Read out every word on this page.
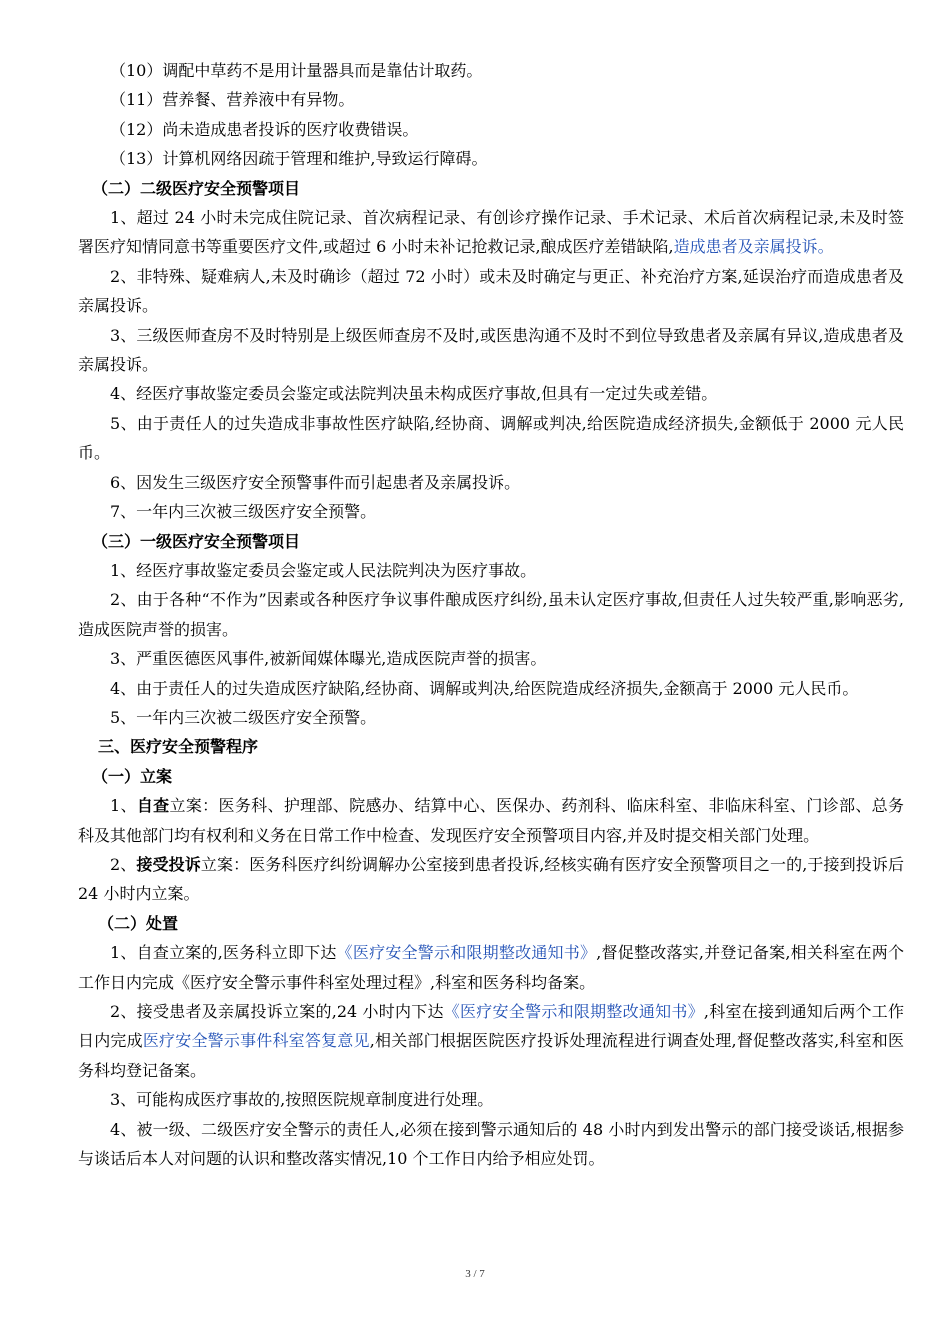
（10）调配中草药不是用计量器具而是靠估计取药。

（11）营养餐、营养液中有异物。

（12）尚未造成患者投诉的医疗收费错误。

（13）计算机网络因疏于管理和维护,导致运行障碍。

（二）二级医疗安全预警项目

1、超过 24 小时未完成住院记录、首次病程记录、有创诊疗操作记录、手术记录、术后首次病程记录,未及时签署医疗知情同意书等重要医疗文件,或超过 6 小时未补记抢救记录,酿成医疗差错缺陷,造成患者及亲属投诉。

2、非特殊、疑难病人,未及时确诊（超过 72 小时）或未及时确定与更正、补充治疗方案,延误治疗而造成患者及亲属投诉。

3、三级医师查房不及时特别是上级医师查房不及时,或医患沟通不及时不到位导致患者及亲属有异议,造成患者及亲属投诉。

4、经医疗事故鉴定委员会鉴定或法院判决虽未构成医疗事故,但具有一定过失或差错。

5、由于责任人的过失造成非事故性医疗缺陷,经协商、调解或判决,给医院造成经济损失,金额低于 2000 元人民币。

6、因发生三级医疗安全预警事件而引起患者及亲属投诉。

7、一年内三次被三级医疗安全预警。

（三）一级医疗安全预警项目

1、经医疗事故鉴定委员会鉴定或人民法院判决为医疗事故。

2、由于各种“不作为”因素或各种医疗争议事件酿成医疗纠纷,虽未认定医疗事故,但责任人过失较严重,影响恶劣,造成医院声誉的损害。

3、严重医德医风事件,被新闻媒体曝光,造成医院声誉的损害。

4、由于责任人的过失造成医疗缺陷,经协商、调解或判决,给医院造成经济损失,金额高于 2000 元人民币。

5、一年内三次被二级医疗安全预警。

三、医疗安全预警程序

（一）立案

1、自查立案：医务科、护理部、院感办、结算中心、医保办、药剂科、临床科室、非临床科室、门诊部、总务科及其他部门均有权利和义务在日常工作中检查、发现医疗安全预警项目内容,并及时提交相关部门处理。

2、接受投诉立案：医务科医疗纠纷调解办公室接到患者投诉,经核实确有医疗安全预警项目之一的,于接到投诉后 24 小时内立案。

（二）处置

1、自查立案的,医务科立即下达《医疗安全警示和限期整改通知书》,督促整改落实,并登记备案,相关科室在两个工作日内完成《医疗安全警示事件科室处理过程》,科室和医务科均备案。

2、接受患者及亲属投诉立案的,24 小时内下达《医疗安全警示和限期整改通知书》,科室在接到通知后两个工作日内完成医疗安全警示事件科室答复意见,相关部门根据医院医疗投诉处理流程进行调查处理,督促整改落实,科室和医务科均登记备案。

3、可能构成医疗事故的,按照医院规章制度进行处理。

4、被一级、二级医疗安全警示的责任人,必须在接到警示通知后的 48 小时内到发出警示的部门接受谈话,根据参与谈话后本人对问题的认识和整改落实情况,10 个工作日内给予相应处罚。

3 / 7
